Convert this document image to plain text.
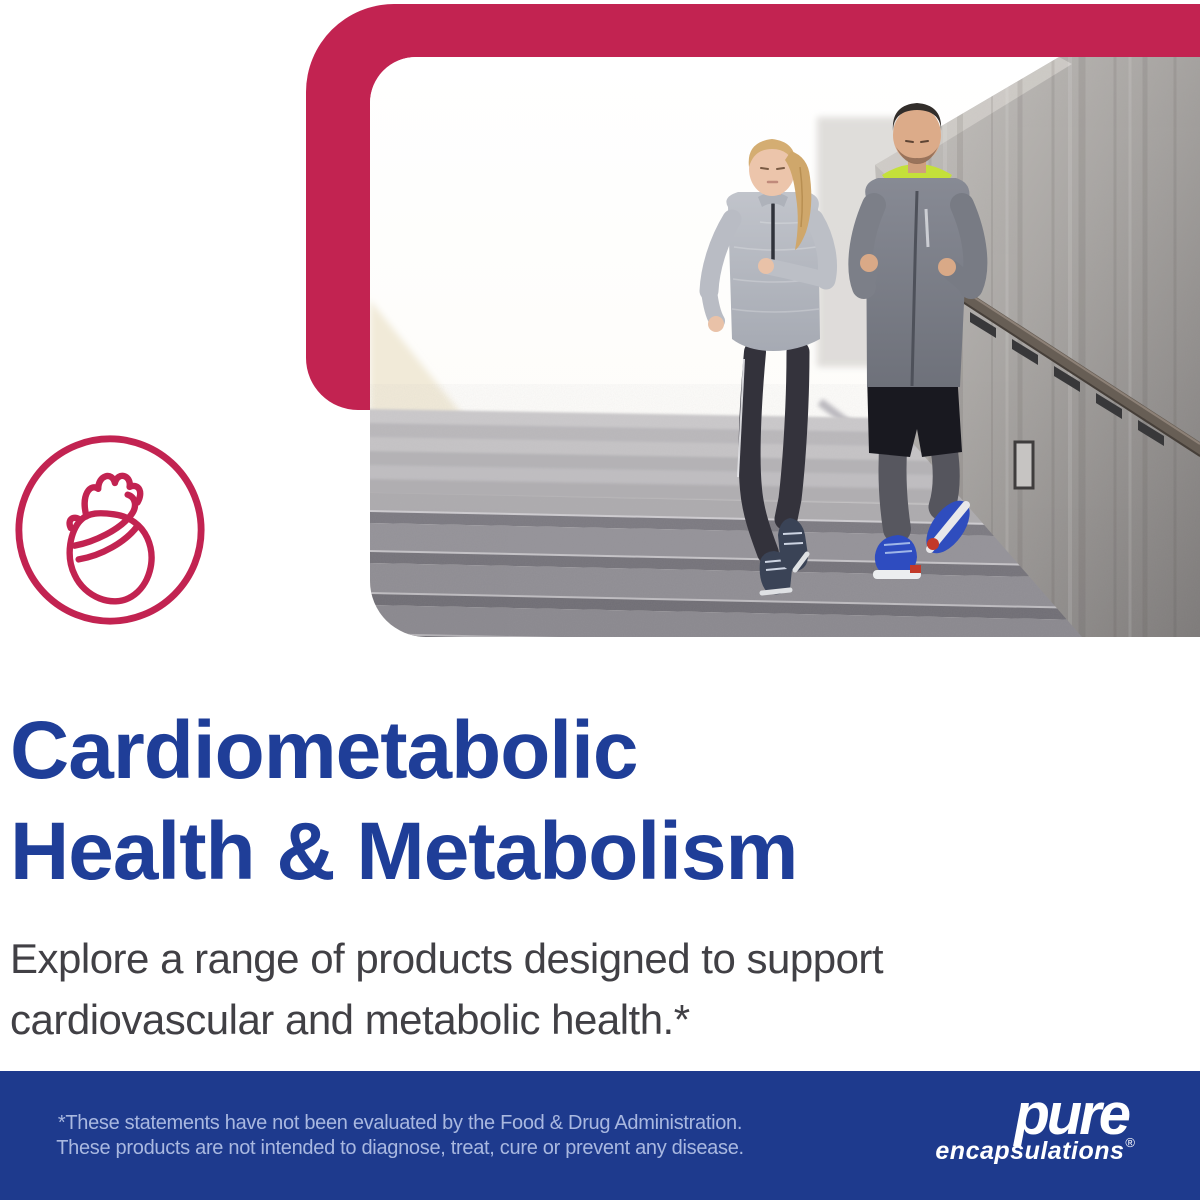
Cardiometabolic
Health & Metabolism

Explore a range of products designed to support
cardiovascular and metabolic health.*

*These statements have not been evaluated by the Food & Drug Administration.
These products are not intended to diagnose, treat, cure or prevent any disease.
pure
encapsulations®
